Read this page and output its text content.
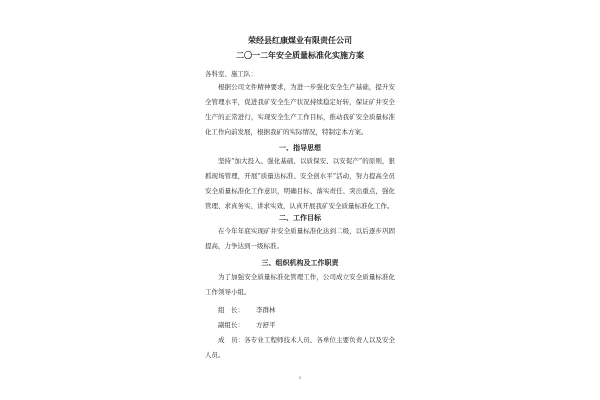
荣经县红康煤业有限责任公司

二〇一二年安全质量标准化实施方案

各科室、施工队：

根据公司文件精神要求，为进一步强化安全生产基础，提升安全管理水平，促进我矿安全生产状况持续稳定好转，保证矿井安全生产的正常进行，实现安全生产工作目标，推动我矿安全质量标准化工作向前发展，根据我矿的实际情况，特制定本方案。

一、指导思想

坚持“加大投入、强化基础、以质保安、以安促产”的原则，狠抓现场管理，开展“质量达标准、安全创水平”活动，努力提高全员安全质量标准化工作意识，明确目标、落实责任、突出重点，强化管理、求真务实、讲求实效，认真开展我矿安全质量标准化工作。

二、工作目标

在今年年底实现矿井安全质量标准化达到二级，以后逐步巩固提高，力争达到一级标准。

三、组织机构及工作职责

为了加强安全质量标准化管理工作，公司成立安全质量标准化工作领导小组。

组　长： 李群林

副组长： 方舒平

成　员：各专业工程师技术人员、各单位主要负责人以及安全人员。

1
